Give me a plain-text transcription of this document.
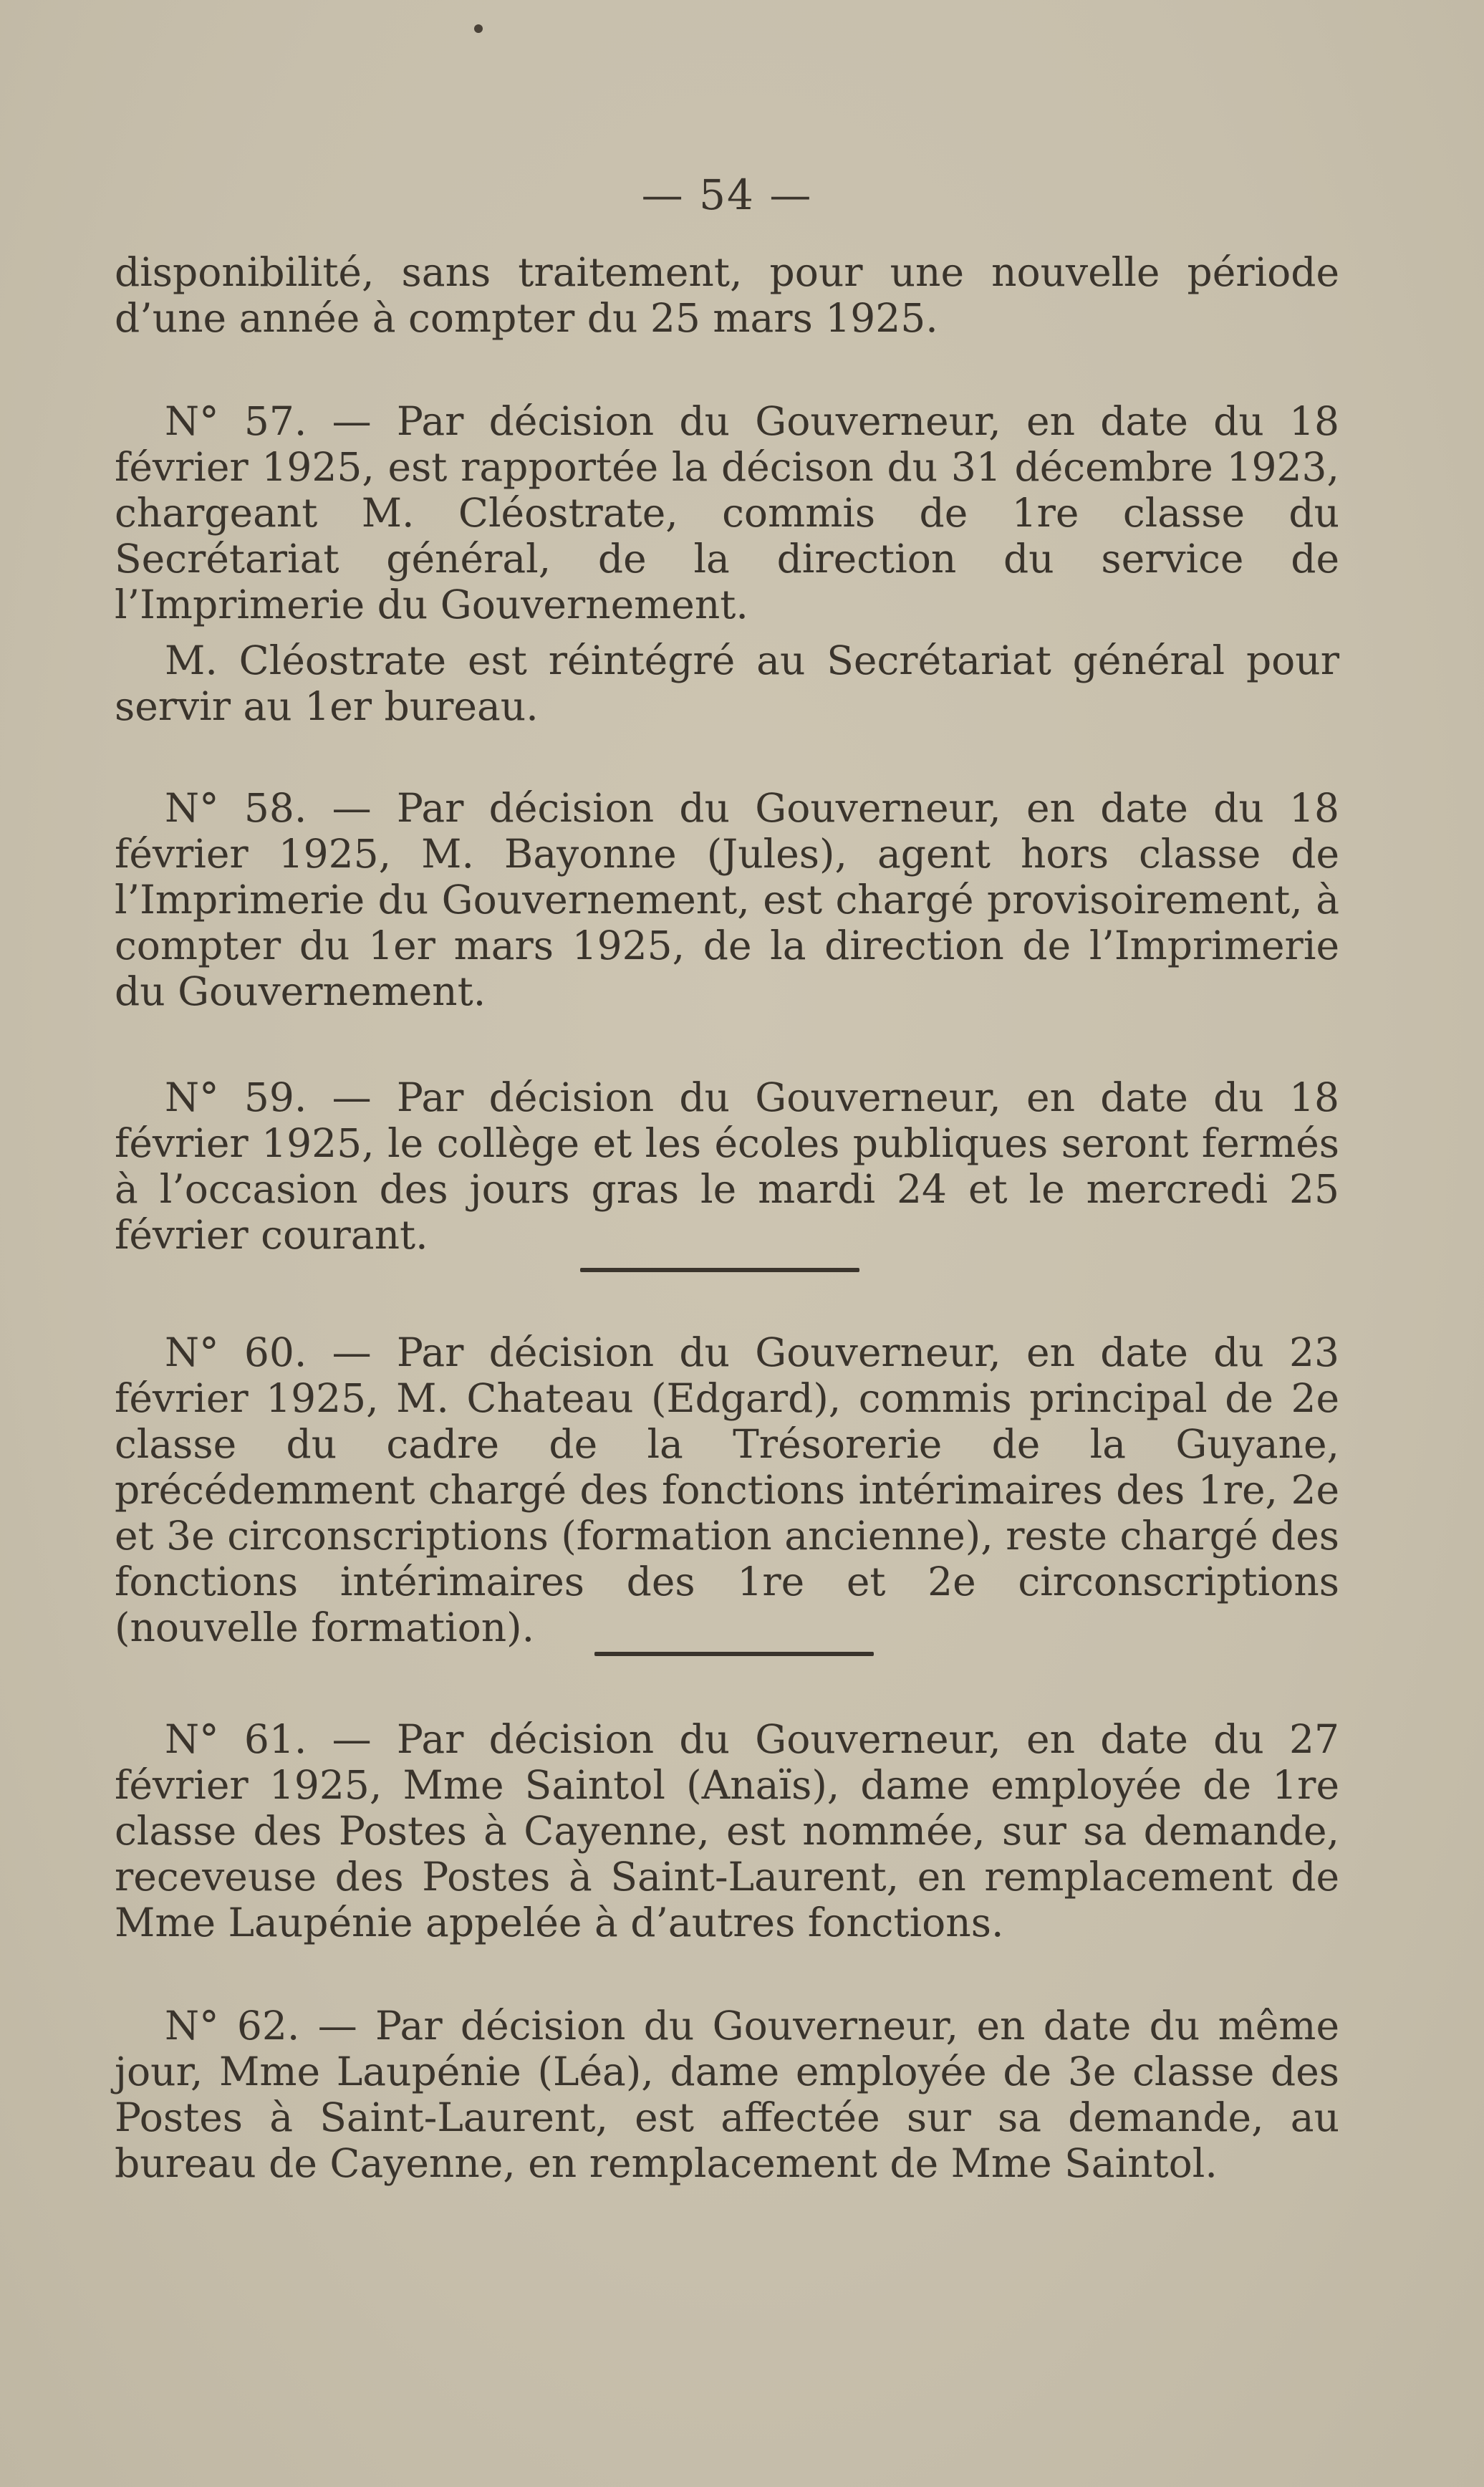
— 54 —

disponibilité, sans traitement, pour une nouvelle période d’une année à compter du 25 mars 1925.

N° 57. — Par décision du Gouverneur, en date du 18 février 1925, est rapportée la décison du 31 décembre 1923, chargeant M. Cléostrate, commis de 1re classe du Secrétariat général, de la direction du service de l’Imprimerie du Gouvernement.

M. Cléostrate est réintégré au Secrétariat général pour servir au 1er bureau.

N° 58. — Par décision du Gouverneur, en date du 18 février 1925, M. Bayonne (Jules), agent hors classe de l’Imprimerie du Gouvernement, est chargé provisoirement, à compter du 1er mars 1925, de la direction de l’Imprimerie du Gouvernement.

N° 59. — Par décision du Gouverneur, en date du 18 février 1925, le collège et les écoles publiques seront fermés à l’occasion des jours gras le mardi 24 et le mercredi 25 février courant.

N° 60. — Par décision du Gouverneur, en date du 23 février 1925, M. Chateau (Edgard), commis principal de 2e classe du cadre de la Trésorerie de la Guyane, précédemment chargé des fonctions intérimaires des 1re, 2e et 3e circonscriptions (formation ancienne), reste chargé des fonctions intérimaires des 1re et 2e circonscriptions (nouvelle formation).

N° 61. — Par décision du Gouverneur, en date du 27 février 1925, Mme Saintol (Anaïs), dame employée de 1re classe des Postes à Cayenne, est nommée, sur sa demande, receveuse des Postes à Saint-Laurent, en remplacement de Mme Laupénie appelée à d’autres fonctions.

N° 62. — Par décision du Gouverneur, en date du même jour, Mme Laupénie (Léa), dame employée de 3e classe des Postes à Saint-Laurent, est affectée sur sa demande, au bureau de Cayenne, en remplacement de Mme Saintol.
